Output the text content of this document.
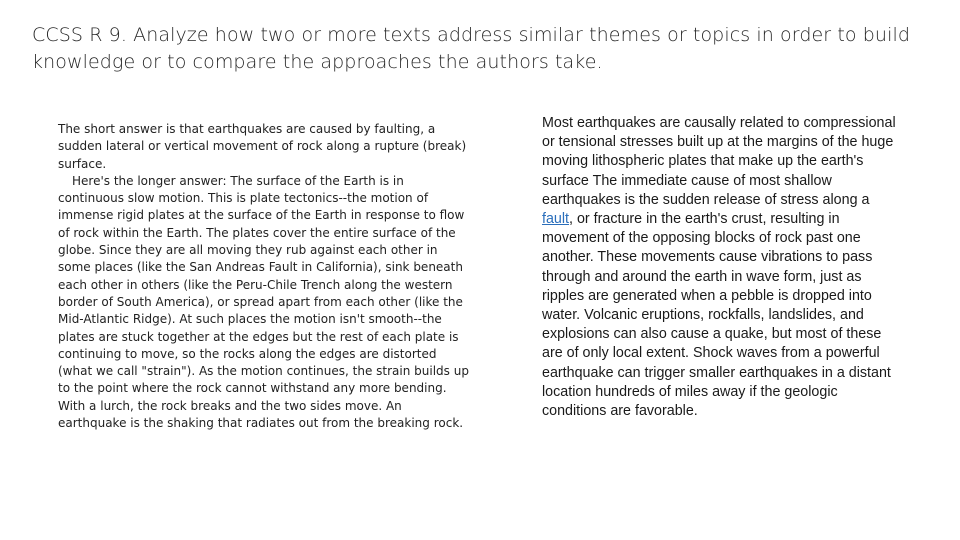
CCSS R 9. Analyze how two or more texts address similar themes or topics in order to build knowledge or to compare the approaches the authors take.

The short answer is that earthquakes are caused by faulting, a sudden lateral or vertical movement of rock along a rupture (break) surface.

Here's the longer answer: The surface of the Earth is in continuous slow motion. This is plate tectonics--the motion of immense rigid plates at the surface of the Earth in response to flow of rock within the Earth. The plates cover the entire surface of the globe. Since they are all moving they rub against each other in some places (like the San Andreas Fault in California), sink beneath each other in others (like the Peru-Chile Trench along the western border of South America), or spread apart from each other (like the Mid-Atlantic Ridge). At such places the motion isn't smooth--the plates are stuck together at the edges but the rest of each plate is continuing to move, so the rocks along the edges are distorted (what we call "strain"). As the motion continues, the strain builds up to the point where the rock cannot withstand any more bending. With a lurch, the rock breaks and the two sides move. An earthquake is the shaking that radiates out from the breaking rock.

Most earthquakes are causally related to compressional or tensional stresses built up at the margins of the huge moving lithospheric plates that make up the earth's surface The immediate cause of most shallow earthquakes is the sudden release of stress along a fault, or fracture in the earth's crust, resulting in movement of the opposing blocks of rock past one another. These movements cause vibrations to pass through and around the earth in wave form, just as ripples are generated when a pebble is dropped into water. Volcanic eruptions, rockfalls, landslides, and explosions can also cause a quake, but most of these are of only local extent. Shock waves from a powerful earthquake can trigger smaller earthquakes in a distant location hundreds of miles away if the geologic conditions are favorable.
